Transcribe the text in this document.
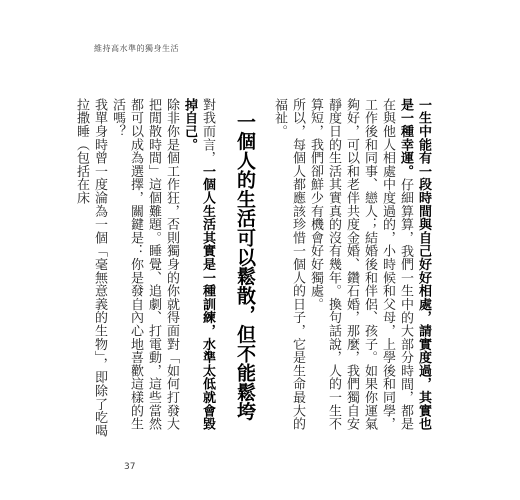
維持高水準的獨身生活

一生中能有一段時間與自己好好相處，請實度過，其實也是一種幸運。仔細算算，我們一生中的大部分時間，都是在與他人相處中度過的，小時候和父母，上學後和同學，工作後和同事、戀人；結婚後和伴侶、孩子。如果你運氣夠好，可以和老伴共度金婚、鑽石婚，那麼，我們獨自安靜度日的生活其實真的沒有幾年。換句話說，人的一生不算短，我們卻鮮少有機會好好獨處。

所以，每個人都應該珍惜一個人的日子，它是生命最大的福祉。

一個人的生活可以鬆散，但不能鬆垮

對我而言，一個人生活其實是一種訓練，水準太低就會毀掉自己。

除非你是個工作狂，否則獨身的你就得面對「如何打發大把閒散時間」這個難題。睡覺、追劇、打電動，這些當然都可以成為選擇，關鍵是：你是發自內心地喜歡這樣的生活嗎？

我單身時曾一度淪為一個「毫無意義的生物」，即除了吃喝拉撒睡（包括在床

37
